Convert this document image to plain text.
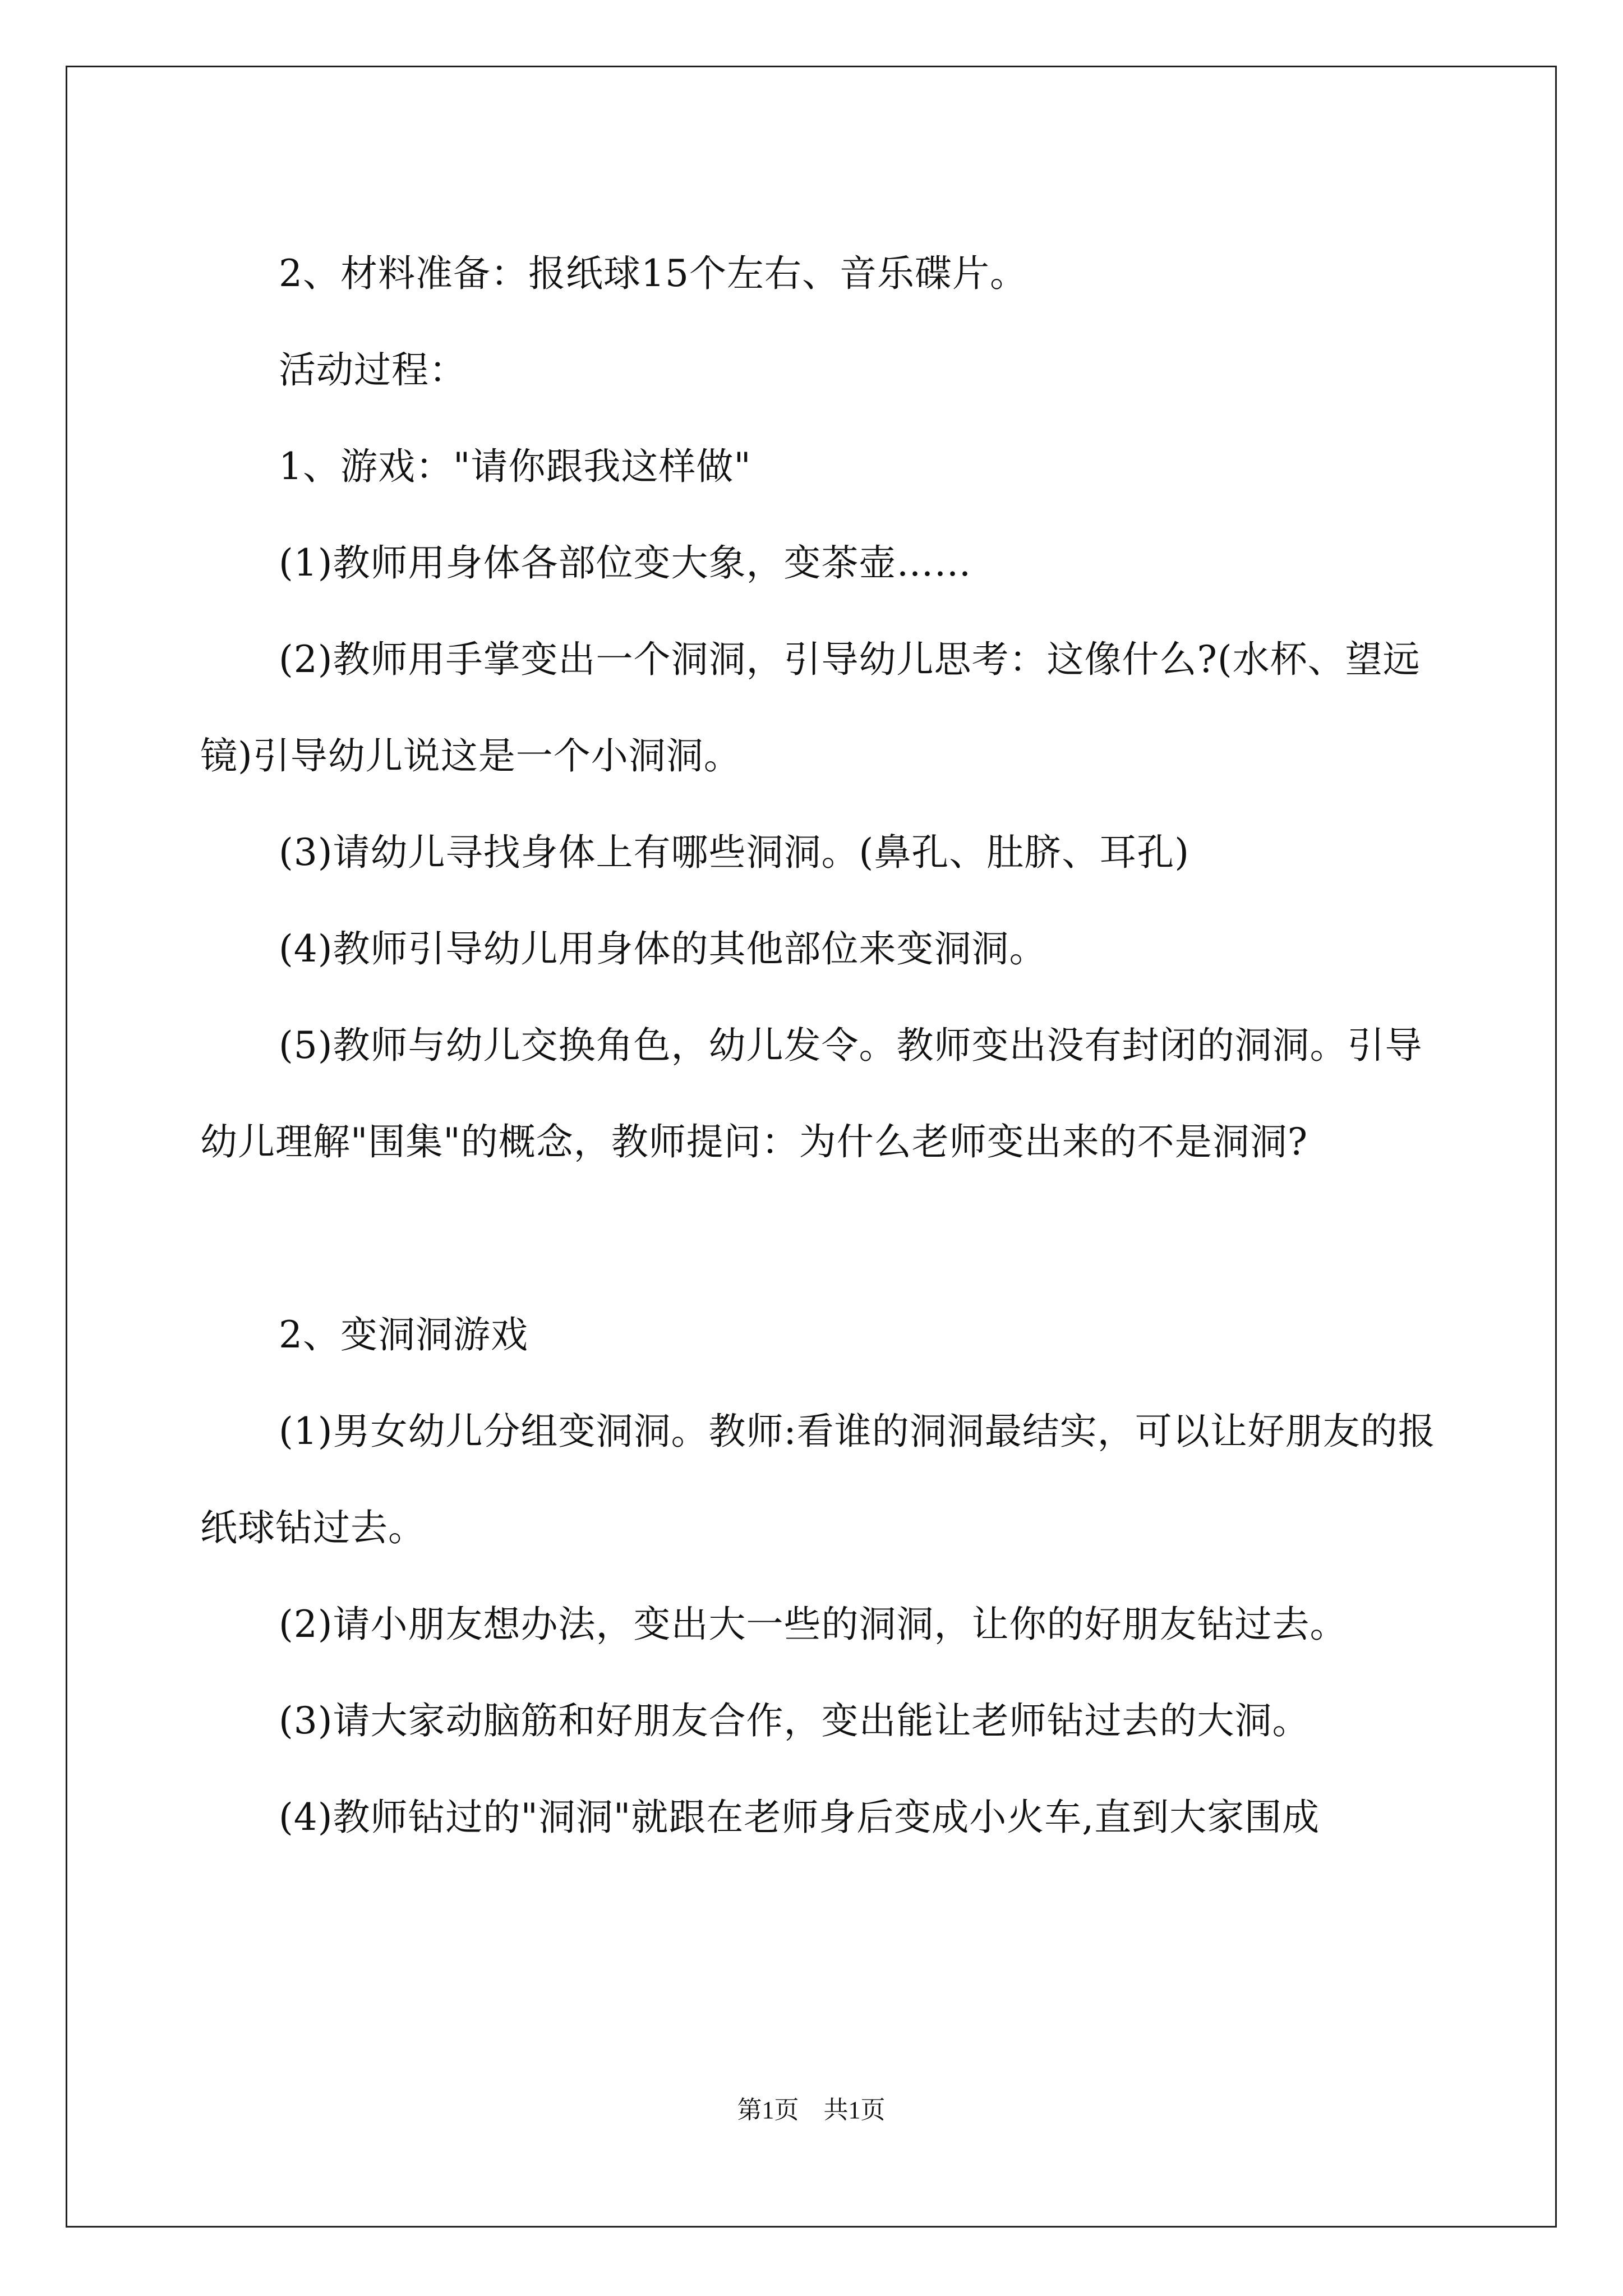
2、材料准备：报纸球15个左右、音乐碟片。
活动过程：
1、游戏："请你跟我这样做"
(1)教师用身体各部位变大象，变茶壶……
(2)教师用手掌变出一个洞洞，引导幼儿思考：这像什么?(水杯、望远镜)引导幼儿说这是一个小洞洞。
(3)请幼儿寻找身体上有哪些洞洞。(鼻孔、肚脐、耳孔)
(4)教师引导幼儿用身体的其他部位来变洞洞。
(5)教师与幼儿交换角色，幼儿发令。教师变出没有封闭的洞洞。引导幼儿理解"围集"的概念，教师提问：为什么老师变出来的不是洞洞?
2、变洞洞游戏
(1)男女幼儿分组变洞洞。教师:看谁的洞洞最结实，可以让好朋友的报纸球钻过去。
(2)请小朋友想办法，变出大一些的洞洞，让你的好朋友钻过去。
(3)请大家动脑筋和好朋友合作，变出能让老师钻过去的大洞。
(4)教师钻过的"洞洞"就跟在老师身后变成小火车,直到大家围成
第1页　共1页
